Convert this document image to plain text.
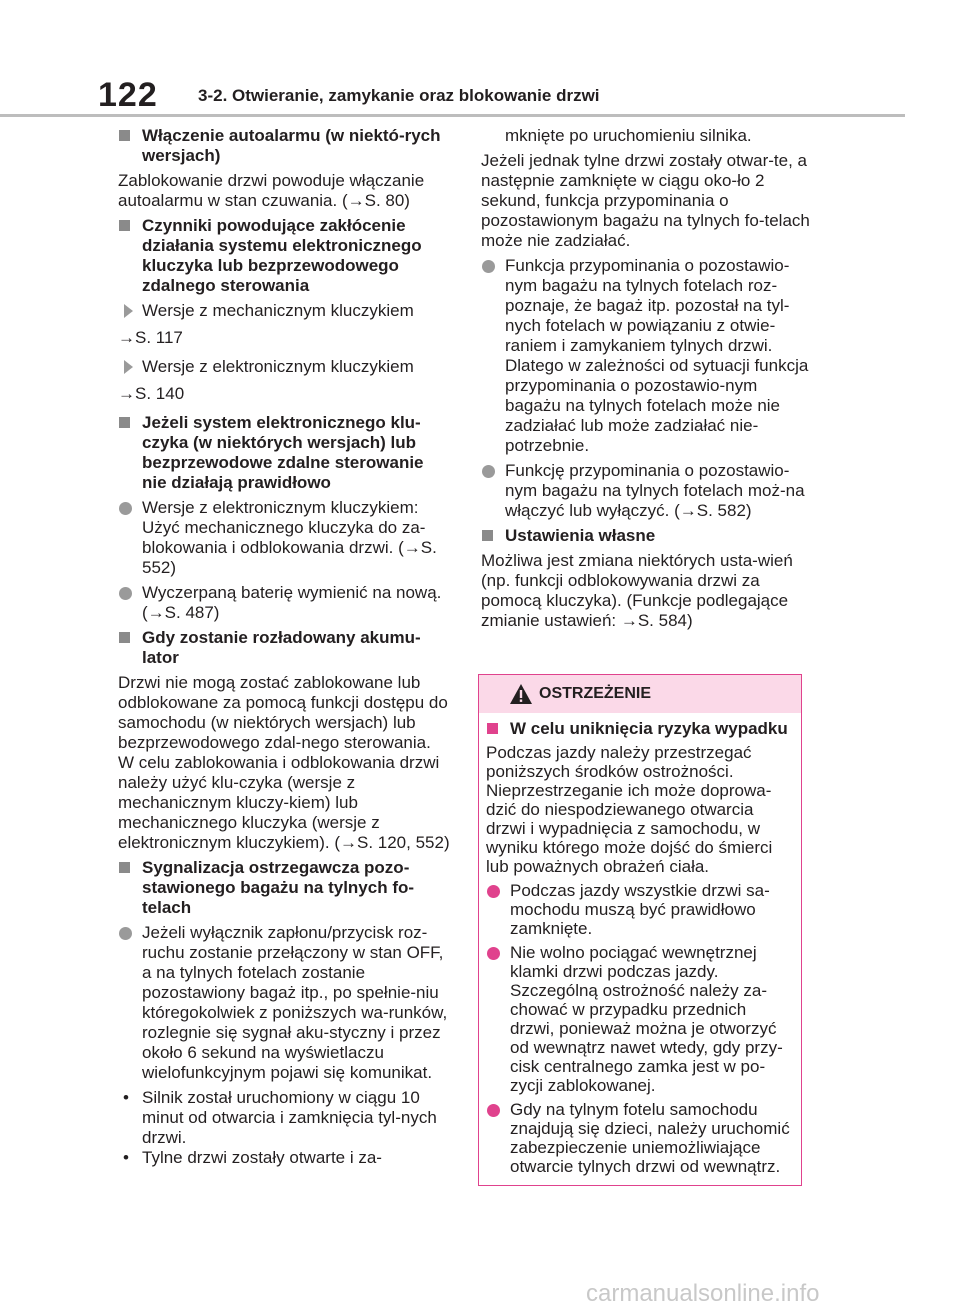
122 3-2. Otwieranie, zamykanie oraz blokowanie drzwi
Włączenie autoalarmu (w niektó-rych wersjach)
Zablokowanie drzwi powoduje włączanie autoalarmu w stan czuwania. (→S. 80)
Czynniki powodujące zakłócenie działania systemu elektronicznego kluczyka lub bezprzewodowego zdalnego sterowania
Wersje z mechanicznym kluczykiem
→S. 117
Wersje z elektronicznym kluczykiem
→S. 140
Jeżeli system elektronicznego klu-czyka (w niektórych wersjach) lub bezprzewodowe zdalne sterowanie nie działają prawidłowo
Wersje z elektronicznym kluczykiem: Użyć mechanicznego kluczyka do za-blokowania i odblokowania drzwi. (→S. 552)
Wyczerpaną baterię wymienić na nową. (→S. 487)
Gdy zostanie rozładowany akumu-lator
Drzwi nie mogą zostać zablokowane lub odblokowane za pomocą funkcji dostępu do samochodu (w niektórych wersjach) lub bezprzewodowego zdal-nego sterowania. W celu zablokowania i odblokowania drzwi należy użyć klu-czyka (wersje z mechanicznym kluczy-kiem) lub mechanicznego kluczyka (wersje z elektronicznym kluczykiem). (→S. 120, 552)
Sygnalizacja ostrzegawcza pozo-stawionego bagażu na tylnych fo-telach
Jeżeli wyłącznik zapłonu/przycisk roz-ruchu zostanie przełączony w stan OFF, a na tylnych fotelach zostanie pozostawiony bagaż itp., po spełnie-niu któregokolwiek z poniższych wa-runków, rozlegnie się sygnał aku-styczny i przez około 6 sekund na wyświetlaczu wielofunkcyjnym pojawi się komunikat.
• Silnik został uruchomiony w ciągu 10 minut od otwarcia i zamknięcia tyl-nych drzwi.
• Tylne drzwi zostały otwarte i za-
mknięte po uruchomieniu silnika.
Jeżeli jednak tylne drzwi zostały otwar-te, a następnie zamknięte w ciągu oko-ło 2 sekund, funkcja przypominania o pozostawionym bagażu na tylnych fo-telach może nie zadziałać.
Funkcja przypominania o pozostawio-nym bagażu na tylnych fotelach roz-poznaje, że bagaż itp. pozostał na tyl-nych fotelach w powiązaniu z otwie-raniem i zamykaniem tylnych drzwi. Dlatego w zależności od sytuacji funkcja przypominania o pozostawio-nym bagażu na tylnych fotelach może nie zadziałać lub może zadziałać nie-potrzebnie.
Funkcję przypominania o pozostawio-nym bagażu na tylnych fotelach moż-na włączyć lub wyłączyć. (→S. 582)
Ustawienia własne
Możliwa jest zmiana niektórych usta-wień (np. funkcji odblokowywania drzwi za pomocą kluczyka). (Funkcje podlegające zmianie ustawień: →S. 584)
OSTRZEŻENIE
W celu uniknięcia ryzyka wypadku
Podczas jazdy należy przestrzegać poniższych środków ostrożności. Nieprzestrzeganie ich może doprowa-dzić do niespodziewanego otwarcia drzwi i wypadnięcia z samochodu, w wyniku którego może dojść do śmierci lub poważnych obrażeń ciała.
Podczas jazdy wszystkie drzwi sa-mochodu muszą być prawidłowo zamknięte.
Nie wolno pociągać wewnętrznej klamki drzwi podczas jazdy. Szczególną ostrożność należy za-chować w przypadku przednich drzwi, ponieważ można je otworzyć od wewnątrz nawet wtedy, gdy przy-cisk centralnego zamka jest w po-zycji zablokowanej.
Gdy na tylnym fotelu samochodu znajdują się dzieci, należy uruchomić zabezpieczenie uniemożliwiające otwarcie tylnych drzwi od wewnątrz.
carmanualsonline.info
